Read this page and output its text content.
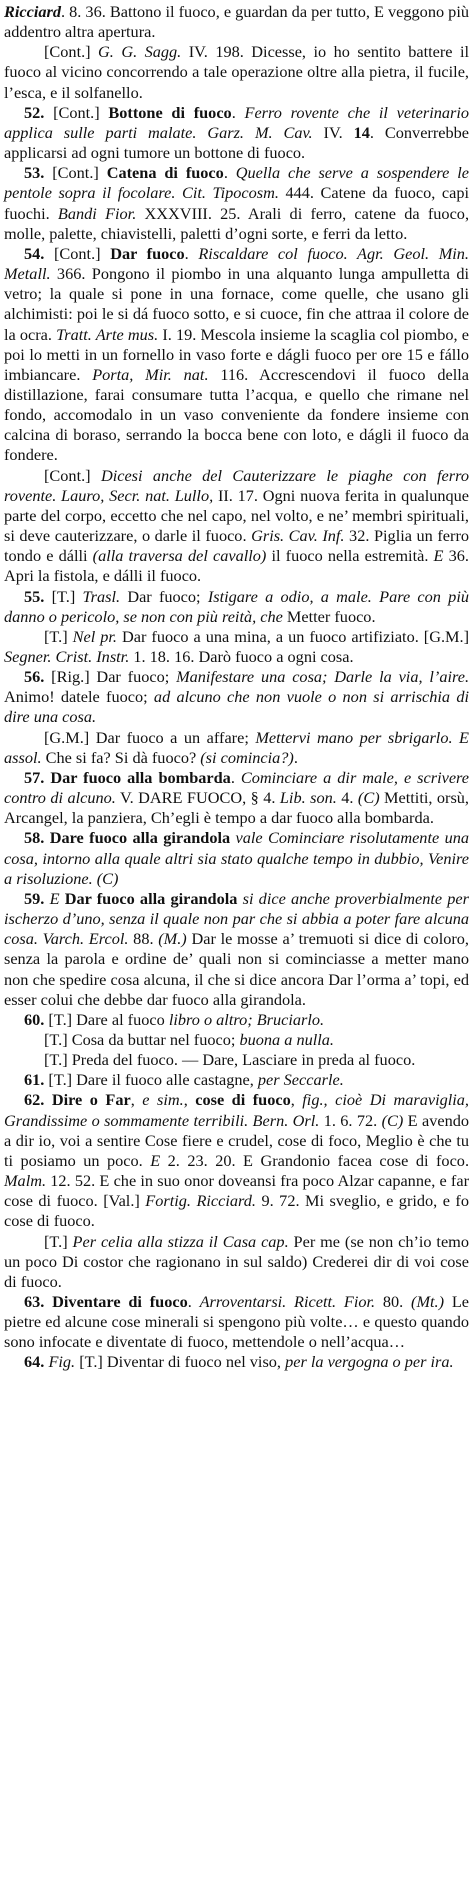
Ricciard. 8. 36. Battono il fuoco, e guardan da per tutto, E veggono più addentro altra apertura.

[Cont.] G. G. Sagg. IV. 198. Dicesse, io ho sentito battere il fuoco al vicino concorrendo a tale operazione oltre alla pietra, il fucile, l’esca, e il solfanello.

52. [Cont.] Bottone di fuoco. Ferro rovente che il veterinario applica sulle parti malate. Garz. M. Cav. IV. 14. Converrebbe applicarsi ad ogni tumore un bottone di fuoco.

53. [Cont.] Catena di fuoco. Quella che serve a sospendere le pentole sopra il focolare. Cit. Tipocosm. 444. Catene da fuoco, capi fuochi. Bandi Fior. XXXVIII. 25. Arali di ferro, catene da fuoco, molle, palette, chiavistelli, paletti d’ogni sorte, e ferri da letto.

54. [Cont.] Dar fuoco. Riscaldare col fuoco. Agr. Geol. Min. Metall. 366. Pongono il piombo in una alquanto lunga ampulletta di vetro; la quale si pone in una fornace, come quelle, che usano gli alchimisti: poi le si dá fuoco sotto, e si cuoce, fin che attraa il colore de la ocra. Tratt. Arte mus. I. 19. Mescola insieme la scaglia col piombo, e poi lo metti in un fornello in vaso forte e dágli fuoco per ore 15 e fállo imbiancare. Porta, Mir. nat. 116. Accrescendovi il fuoco della distillazione, farai consumare tutta l’acqua, e quello che rimane nel fondo, accomodalo in un vaso conveniente da fondere insieme con calcina di boraso, serrando la bocca bene con loto, e dágli il fuoco da fondere.

[Cont.] Dicesi anche del Cauterizzare le piaghe con ferro rovente. Lauro, Secr. nat. Lullo, II. 17. Ogni nuova ferita in qualunque parte del corpo, eccetto che nel capo, nel volto, e ne’ membri spirituali, si deve cauterizzare, o darle il fuoco. Gris. Cav. Inf. 32. Piglia un ferro tondo e dálli (alla traversa del cavallo) il fuoco nella estremità. E 36. Apri la fistola, e dálli il fuoco.

55. [T.] Trasl. Dar fuoco; Istigare a odio, a male. Pare con più danno o pericolo, se non con più reità, che Metter fuoco.

[T.] Nel pr. Dar fuoco a una mina, a un fuoco artifiziato. [G.M.] Segner. Crist. Instr. 1. 18. 16. Darò fuoco a ogni cosa.

56. [Rig.] Dar fuoco; Manifestare una cosa; Darle la via, l’aire. Animo! datele fuoco; ad alcuno che non vuole o non si arrischia di dire una cosa.

[G.M.] Dar fuoco a un affare; Mettervi mano per sbrigarlo. E assol. Che si fa? Si dà fuoco? (si comincia?).

57. Dar fuoco alla bombarda. Cominciare a dir male, e scrivere contro di alcuno. V. DARE FUOCO, § 4. Lib. son. 4. (C) Mettiti, orsù, Arcangel, la panziera, Ch’egli è tempo a dar fuoco alla bombarda.

58. Dare fuoco alla girandola vale Cominciare risolutamente una cosa, intorno alla quale altri sia stato qualche tempo in dubbio, Venire a risoluzione. (C)

59. E Dar fuoco alla girandola si dice anche proverbialmente per ischerzo d’uno, senza il quale non par che si abbia a poter fare alcuna cosa. Varch. Ercol. 88. (M.) Dar le mosse a’ tremuoti si dice di coloro, senza la parola e ordine de’ quali non si cominciasse a metter mano non che spedire cosa alcuna, il che si dice ancora Dar l’orma a’ topi, ed esser colui che debbe dar fuoco alla girandola.

60. [T.] Dare al fuoco libro o altro; Bruciarlo.

[T.] Cosa da buttar nel fuoco; buona a nulla.

[T.] Preda del fuoco. — Dare, Lasciare in preda al fuoco.

61. [T.] Dare il fuoco alle castagne, per Seccarle.

62. Dire o Far, e sim., cose di fuoco, fig., cioè Di maraviglia, Grandissime o sommamente terribili. Bern. Orl. 1. 6. 72. (C) E avendo a dir io, voi a sentire Cose fiere e crudel, cose di foco, Meglio è che tu ti posiamo un poco. E 2. 23. 20. E Grandonio facea cose di foco. Malm. 12. 52. E che in suo onor doveansi fra poco Alzar capanne, e far cose di fuoco. [Val.] Fortig. Ricciard. 9. 72. Mi sveglio, e grido, e fo cose di fuoco.

[T.] Per celia alla stizza il Casa cap. Per me (se non ch’io temo un poco Di costor che ragionano in sul saldo) Crederei dir di voi cose di fuoco.

63. Diventare di fuoco. Arroventarsi. Ricett. Fior. 80. (Mt.) Le pietre ed alcune cose minerali si spengono più volte… e questo quando sono infocate e diventate di fuoco, mettendole o nell’acqua…

64. Fig. [T.] Diventar di fuoco nel viso, per la vergogna o per ira.
